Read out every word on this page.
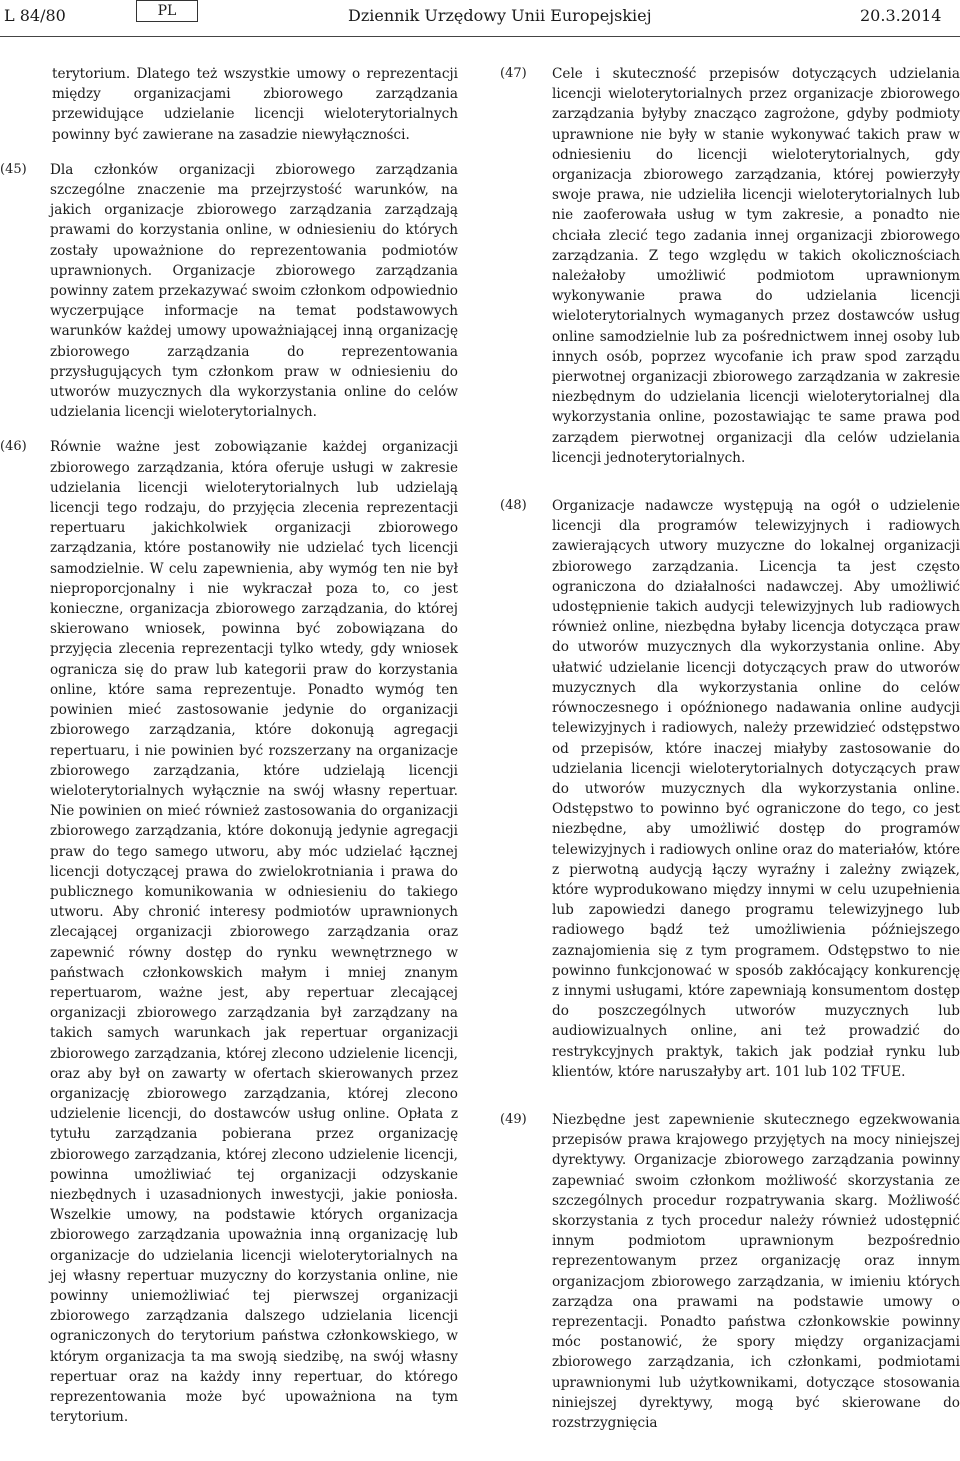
L 84/80	PL	Dziennik Urzędowy Unii Europejskiej	20.3.2014
terytorium. Dlatego też wszystkie umowy o reprezentacji między organizacjami zbiorowego zarządzania przewidujące udzielanie licencji wieloterytorialnych powinny być zawierane na zasadzie niewyłączności.
(45) Dla członków organizacji zbiorowego zarządzania szczególne znaczenie ma przejrzystość warunków, na jakich organizacje zbiorowego zarządzania zarządzają prawami do korzystania online, w odniesieniu do których zostały upoważnione do reprezentowania podmiotów uprawnionych. Organizacje zbiorowego zarządzania powinny zatem przekazywać swoim członkom odpowiednio wyczerpujące informacje na temat podstawowych warunków każdej umowy upoważniającej inną organizację zbiorowego zarządzania do reprezentowania przysługujących tym członkom praw w odniesieniu do utworów muzycznych dla wykorzystania online do celów udzielania licencji wieloterytorialnych.
(46) Równie ważne jest zobowiązanie każdej organizacji zbiorowego zarządzania, która oferuje usługi w zakresie udzielania licencji wieloterytorialnych lub udzielają licencji tego rodzaju, do przyjęcia zlecenia reprezentacji repertuaru jakichkolwiek organizacji zbiorowego zarządzania, które postanowiły nie udzielać tych licencji samodzielnie. W celu zapewnienia, aby wymóg ten nie był nieproporcjonalny i nie wykraczał poza to, co jest konieczne, organizacja zbiorowego zarządzania, do której skierowano wniosek, powinna być zobowiązana do przyjęcia zlecenia reprezentacji tylko wtedy, gdy wniosek ogranicza się do praw lub kategorii praw do korzystania online, które sama reprezentuje. Ponadto wymóg ten powinien mieć zastosowanie jedynie do organizacji zbiorowego zarządzania, które dokonują agregacji repertuaru, i nie powinien być rozszerzany na organizacje zbiorowego zarządzania, które udzielają licencji wieloterytorialnych wyłącznie na swój własny repertuar. Nie powinien on mieć również zastosowania do organizacji zbiorowego zarządzania, które dokonują jedynie agregacji praw do tego samego utworu, aby móc udzielać łącznej licencji dotyczącej prawa do zwielokrotniania i prawa do publicznego komunikowania w odniesieniu do takiego utworu. Aby chronić interesy podmiotów uprawnionych zlecającej organizacji zbiorowego zarządzania oraz zapewnić równy dostęp do rynku wewnętrznego w państwach członkowskich małym i mniej znanym repertuarom, ważne jest, aby repertuar zlecającej organizacji zbiorowego zarządzania był zarządzany na takich samych warunkach jak repertuar organizacji zbiorowego zarządzania, której zlecono udzielenie licencji, oraz aby był on zawarty w ofertach skierowanych przez organizację zbiorowego zarządzania, której zlecono udzielenie licencji, do dostawców usług online. Opłata z tytułu zarządzania pobierana przez organizację zbiorowego zarządzania, której zlecono udzielenie licencji, powinna umożliwiać tej organizacji odzyskanie niezbędnych i uzasadnionych inwestycji, jakie poniosła. Wszelkie umowy, na podstawie których organizacja zbiorowego zarządzania upoważnia inną organizację lub organizacje do udzielania licencji wieloterytorialnych na jej własny repertuar muzyczny do korzystania online, nie powinny uniemożliwiać tej pierwszej organizacji zbiorowego zarządzania dalszego udzielania licencji ograniczonych do terytorium państwa członkowskiego, w którym organizacja ta ma swoją siedzibę, na swój własny repertuar oraz na każdy inny repertuar, do którego reprezentowania może być upoważniona na tym terytorium.
(47) Cele i skuteczność przepisów dotyczących udzielania licencji wieloterytorialnych przez organizacje zbiorowego zarządzania byłyby znacząco zagrożone, gdyby podmioty uprawnione nie były w stanie wykonywać takich praw w odniesieniu do licencji wieloterytorialnych, gdy organizacja zbiorowego zarządzania, której powierzyły swoje prawa, nie udzieliła licencji wieloterytorialnych lub nie zaoferowała usług w tym zakresie, a ponadto nie chciała zlecić tego zadania innej organizacji zbiorowego zarządzania. Z tego względu w takich okolicznościach należałoby umożliwić podmiotom uprawnionym wykonywanie prawa do udzielania licencji wieloterytorialnych wymaganych przez dostawców usług online samodzielnie lub za pośrednictwem innej osoby lub innych osób, poprzez wycofanie ich praw spod zarządu pierwotnej organizacji zbiorowego zarządzania w zakresie niezbędnym do udzielania licencji wieloterytorialnej dla wykorzystania online, pozostawiając te same prawa pod zarządem pierwotnej organizacji dla celów udzielania licencji jednoterytorialnych.
(48) Organizacje nadawcze występują na ogół o udzielenie licencji dla programów telewizyjnych i radiowych zawierających utwory muzyczne do lokalnej organizacji zbiorowego zarządzania. Licencja ta jest często ograniczona do działalności nadawczej. Aby umożliwić udostępnienie takich audycji telewizyjnych lub radiowych również online, niezbędna byłaby licencja dotycząca praw do utworów muzycznych dla wykorzystania online. Aby ułatwić udzielanie licencji dotyczących praw do utworów muzycznych dla wykorzystania online do celów równoczesnego i opóźnionego nadawania online audycji telewizyjnych i radiowych, należy przewidzieć odstępstwo od przepisów, które inaczej miałyby zastosowanie do udzielania licencji wieloterytorialnych dotyczących praw do utworów muzycznych dla wykorzystania online. Odstępstwo to powinno być ograniczone do tego, co jest niezbędne, aby umożliwić dostęp do programów telewizyjnych i radiowych online oraz do materiałów, które z pierwotną audycją łączy wyraźny i zależny związek, które wyprodukowano między innymi w celu uzupełnienia lub zapowiedzi danego programu telewizyjnego lub radiowego bądź też umożliwienia późniejszego zaznajomienia się z tym programem. Odstępstwo to nie powinno funkcjonować w sposób zakłócający konkurencję z innymi usługami, które zapewniają konsumentom dostęp do poszczególnych utworów muzycznych lub audiowizualnych online, ani też prowadzić do restrykcyjnych praktyk, takich jak podział rynku lub klientów, które naruszałyby art. 101 lub 102 TFUE.
(49) Niezbędne jest zapewnienie skutecznego egzekwowania przepisów prawa krajowego przyjętych na mocy niniejszej dyrektywy. Organizacje zbiorowego zarządzania powinny zapewniać swoim członkom możliwość skorzystania ze szczególnych procedur rozpatrywania skarg. Możliwość skorzystania z tych procedur należy również udostępnić innym podmiotom uprawnionym bezpośrednio reprezentowanym przez organizację oraz innym organizacjom zbiorowego zarządzania, w imieniu których zarządza ona prawami na podstawie umowy o reprezentacji. Ponadto państwa członkowskie powinny móc postanowić, że spory między organizacjami zbiorowego zarządzania, ich członkami, podmiotami uprawnionymi lub użytkownikami, dotyczące stosowania niniejszej dyrektywy, mogą być skierowane do rozstrzygnięcia
